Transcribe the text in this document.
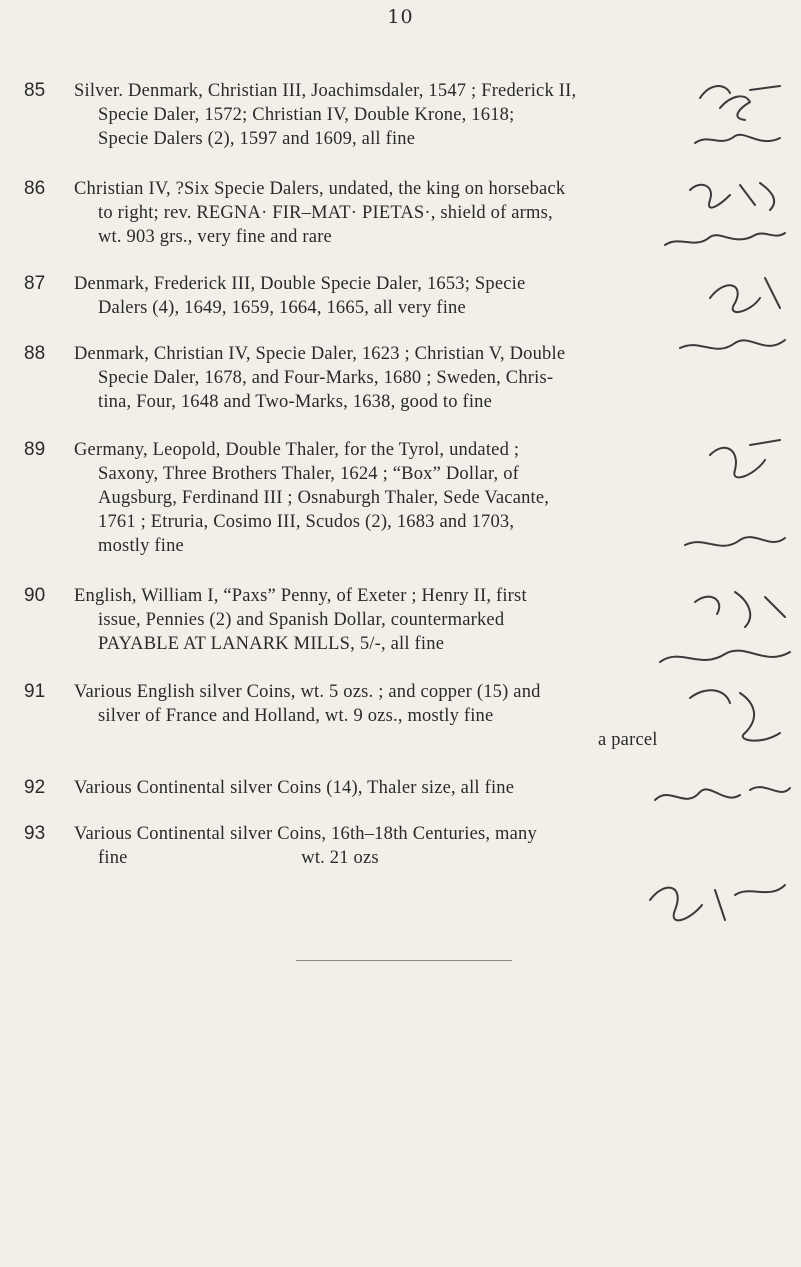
10
85 Silver. Denmark, Christian III, Joachimsdaler, 1547 ; Frederick II,
Specie Daler, 1572; Christian IV, Double Krone, 1618;
Specie Dalers (2), 1597 and 1609, all fine
86 Christian IV, ?Six Specie Dalers, undated, the king on horseback
to right; rev. REGNA· FIR–MAT· PIETAS·, shield of arms,
wt. 903 grs., very fine and rare
87 Denmark, Frederick III, Double Specie Daler, 1653; Specie
Dalers (4), 1649, 1659, 1664, 1665, all very fine
88 Denmark, Christian IV, Specie Daler, 1623 ; Christian V, Double
Specie Daler, 1678, and Four-Marks, 1680 ; Sweden, Chris-
tina, Four, 1648 and Two-Marks, 1638, good to fine
89 Germany, Leopold, Double Thaler, for the Tyrol, undated ;
Saxony, Three Brothers Thaler, 1624 ; “Box” Dollar, of
Augsburg, Ferdinand III ; Osnaburgh Thaler, Sede Vacante,
1761 ; Etruria, Cosimo III, Scudos (2), 1683 and 1703,
mostly fine
90 English, William I, “Paxs” Penny, of Exeter ; Henry II, first
issue, Pennies (2) and Spanish Dollar, countermarked
PAYABLE AT LANARK MILLS, 5/-, all fine
91 Various English silver Coins, wt. 5 ozs. ; and copper (15) and
silver of France and Holland, wt. 9 ozs., mostly fine
a parcel
92 Various Continental silver Coins (14), Thaler size, all fine
93 Various Continental silver Coins, 16th–18th Centuries, many
fine                                    wt. 21 ozs
